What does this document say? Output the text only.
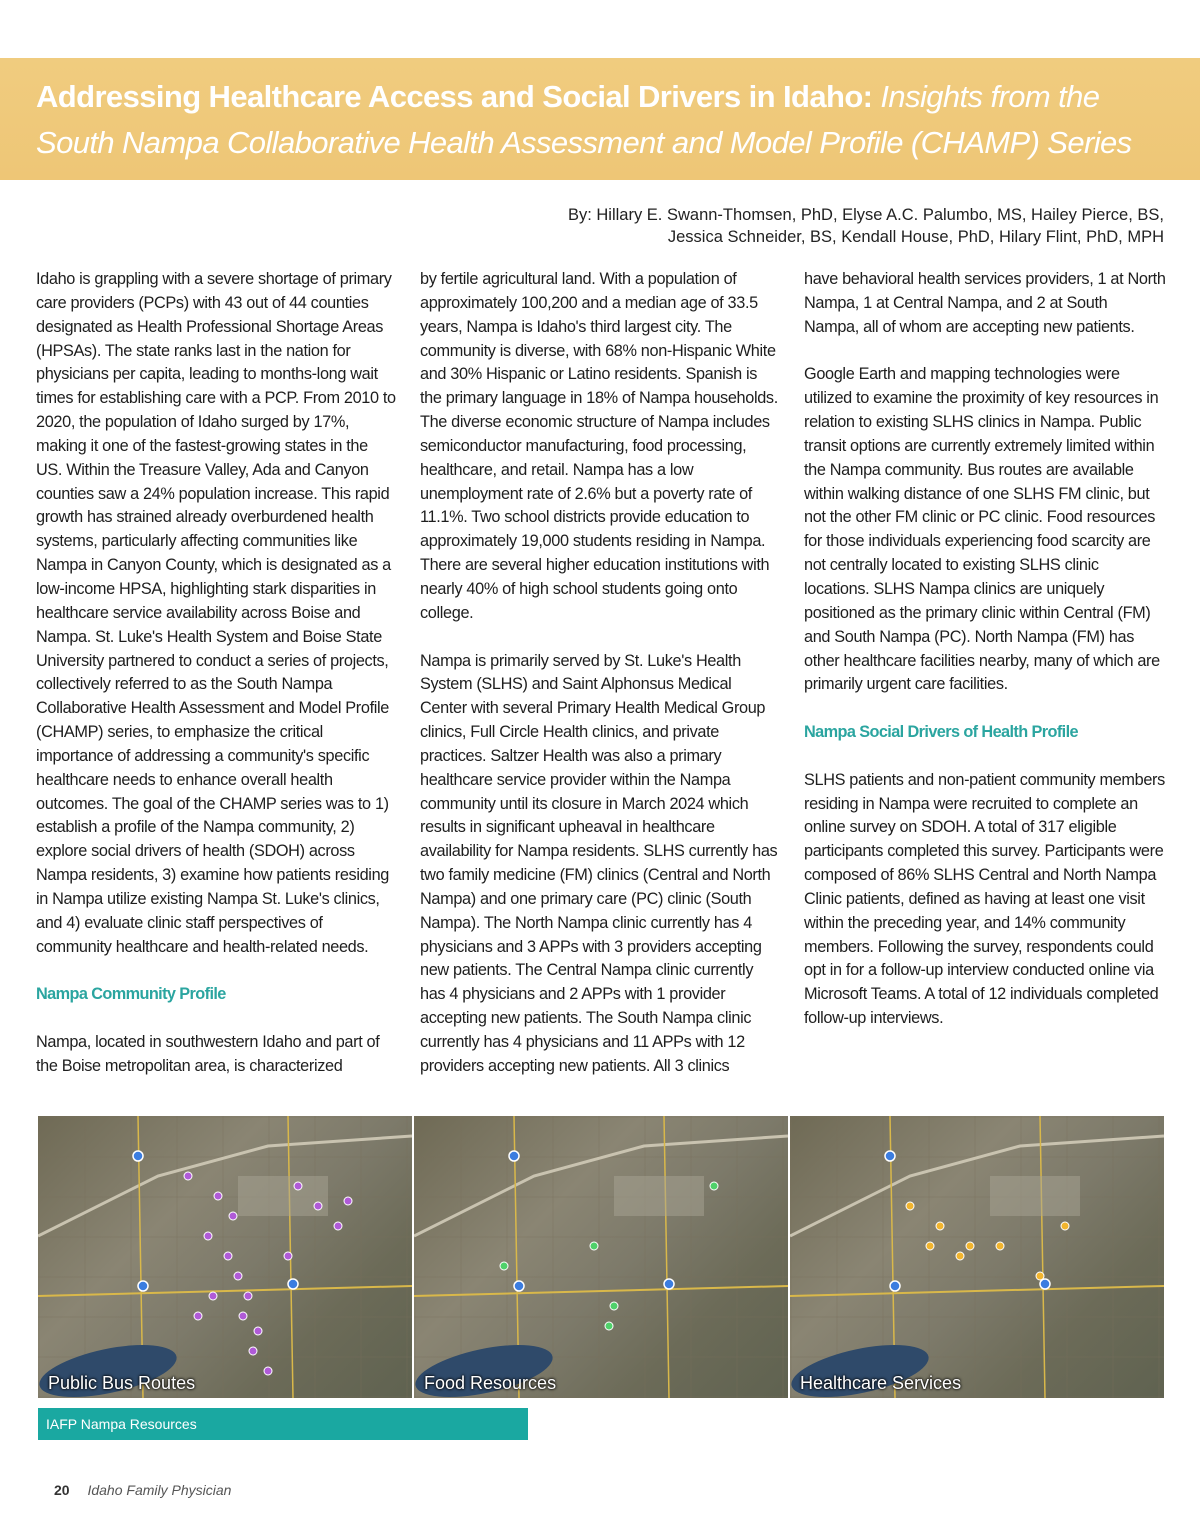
Addressing Healthcare Access and Social Drivers in Idaho: Insights from the South Nampa Collaborative Health Assessment and Model Profile (CHAMP) Series
By: Hillary E. Swann-Thomsen, PhD, Elyse A.C. Palumbo, MS, Hailey Pierce, BS,
Jessica Schneider, BS, Kendall House, PhD, Hilary Flint, PhD, MPH

Idaho is grappling with a severe shortage of primary care providers (PCPs) with 43 out of 44 counties designated as Health Professional Shortage Areas (HPSAs). The state ranks last in the nation for physicians per capita, leading to months-long wait times for establishing care with a PCP. From 2010 to 2020, the population of Idaho surged by 17%, making it one of the fastest-growing states in the US. Within the Treasure Valley, Ada and Canyon counties saw a 24% population increase. This rapid growth has strained already overburdened health systems, particularly affecting communities like Nampa in Canyon County, which is designated as a low-income HPSA, highlighting stark disparities in healthcare service availability across Boise and Nampa. St. Luke's Health System and Boise State University partnered to conduct a series of projects, collectively referred to as the South Nampa Collaborative Health Assessment and Model Profile (CHAMP) series, to emphasize the critical importance of addressing a community's specific healthcare needs to enhance overall health outcomes. The goal of the CHAMP series was to 1) establish a profile of the Nampa community, 2) explore social drivers of health (SDOH) across Nampa residents, 3) examine how patients residing in Nampa utilize existing Nampa St. Luke's clinics, and 4) evaluate clinic staff perspectives of community healthcare and health-related needs.

Nampa Community Profile

Nampa, located in southwestern Idaho and part of the Boise metropolitan area, is characterized

by fertile agricultural land. With a population of approximately 100,200 and a median age of 33.5 years, Nampa is Idaho's third largest city. The community is diverse, with 68% non-Hispanic White and 30% Hispanic or Latino residents. Spanish is the primary language in 18% of Nampa households. The diverse economic structure of Nampa includes semiconductor manufacturing, food processing, healthcare, and retail. Nampa has a low unemployment rate of 2.6% but a poverty rate of 11.1%. Two school districts provide education to approximately 19,000 students residing in Nampa. There are several higher education institutions with nearly 40% of high school students going onto college.

Nampa is primarily served by St. Luke's Health System (SLHS) and Saint Alphonsus Medical Center with several Primary Health Medical Group clinics, Full Circle Health clinics, and private practices. Saltzer Health was also a primary healthcare service provider within the Nampa community until its closure in March 2024 which results in significant upheaval in healthcare availability for Nampa residents. SLHS currently has two family medicine (FM) clinics (Central and North Nampa) and one primary care (PC) clinic (South Nampa). The North Nampa clinic currently has 4 physicians and 3 APPs with 3 providers accepting new patients. The Central Nampa clinic currently has 4 physicians and 2 APPs with 1 provider accepting new patients. The South Nampa clinic currently has 4 physicians and 11 APPs with 12 providers accepting new patients. All 3 clinics

have behavioral health services providers, 1 at North Nampa, 1 at Central Nampa, and 2 at South Nampa, all of whom are accepting new patients.

Google Earth and mapping technologies were utilized to examine the proximity of key resources in relation to existing SLHS clinics in Nampa. Public transit options are currently extremely limited within the Nampa community. Bus routes are available within walking distance of one SLHS FM clinic, but not the other FM clinic or PC clinic. Food resources for those individuals experiencing food scarcity are not centrally located to existing SLHS clinic locations. SLHS Nampa clinics are uniquely positioned as the primary clinic within Central (FM) and South Nampa (PC). North Nampa (FM) has other healthcare facilities nearby, many of which are primarily urgent care facilities.

Nampa Social Drivers of Health Profile

SLHS patients and non-patient community members residing in Nampa were recruited to complete an online survey on SDOH. A total of 317 eligible participants completed this survey. Participants were composed of 86% SLHS Central and North Nampa Clinic patients, defined as having at least one visit within the preceding year, and 14% community members. Following the survey, respondents could opt in for a follow-up interview conducted online via Microsoft Teams. A total of 12 individuals completed follow-up interviews.

Public Bus Routes	Food Resources	Healthcare Services
IAFP Nampa Resources
20 Idaho Family Physician
